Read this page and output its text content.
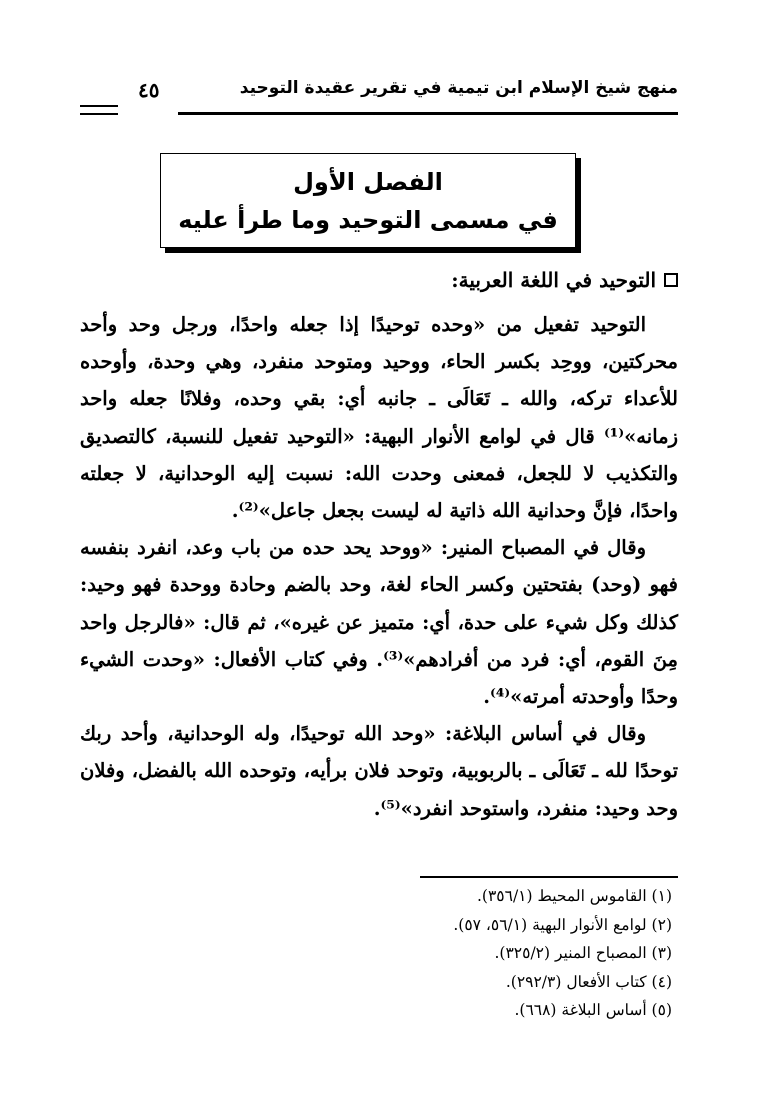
منهج شيخ الإسلام ابن تيمية في تقرير عقيدة التوحيد
٤٥
الفصل الأول
في مسمى التوحيد وما طرأ عليه
التوحيد في اللغة العربية:

التوحيد تفعيل من «وحده توحيدًا إذا جعله واحدًا، ورجل وحد وأحد محركتين، ووحِد بكسر الحاء، ووحيد ومتوحد منفرد، وهي وحدة، وأوحده للأعداء تركه، والله ـ تَعَالَى ـ جانبه أي: بقي وحده، وفلانًا جعله واحد زمانه»⁽¹⁾ قال في لوامع الأنوار البهية: «التوحيد تفعيل للنسبة، كالتصديق والتكذيب لا للجعل، فمعنى وحدت الله: نسبت إليه الوحدانية، لا جعلته واحدًا، فإنَّ وحدانية الله ذاتية له ليست بجعل جاعل»⁽²⁾.

وقال في المصباح المنير: «ووحد يحد حده من باب وعد، انفرد بنفسه فهو (وحد) بفتحتين وكسر الحاء لغة، وحد بالضم وحادة ووحدة فهو وحيد: كذلك وكل شيء على حدة، أي: متميز عن غيره»، ثم قال: «فالرجل واحد مِنَ القوم، أي: فرد من أفرادهم»⁽³⁾. وفي كتاب الأفعال: «وحدت الشيء وحدًا وأوحدته أمرته»⁽⁴⁾.

وقال في أساس البلاغة: «وحد الله توحيدًا، وله الوحدانية، وأحد ربك توحدًا لله ـ تَعَالَى ـ بالربوبية، وتوحد فلان برأيه، وتوحده الله بالفضل، وفلان وحد وحيد: منفرد، واستوحد انفرد»⁽⁵⁾.

(١) القاموس المحيط (٣٥٦/١).
(٢) لوامع الأنوار البهية (٥٦/١، ٥٧).
(٣) المصباح المنير (٣٢٥/٢).
(٤) كتاب الأفعال (٢٩٢/٣).
(٥) أساس البلاغة (٦٦٨).
